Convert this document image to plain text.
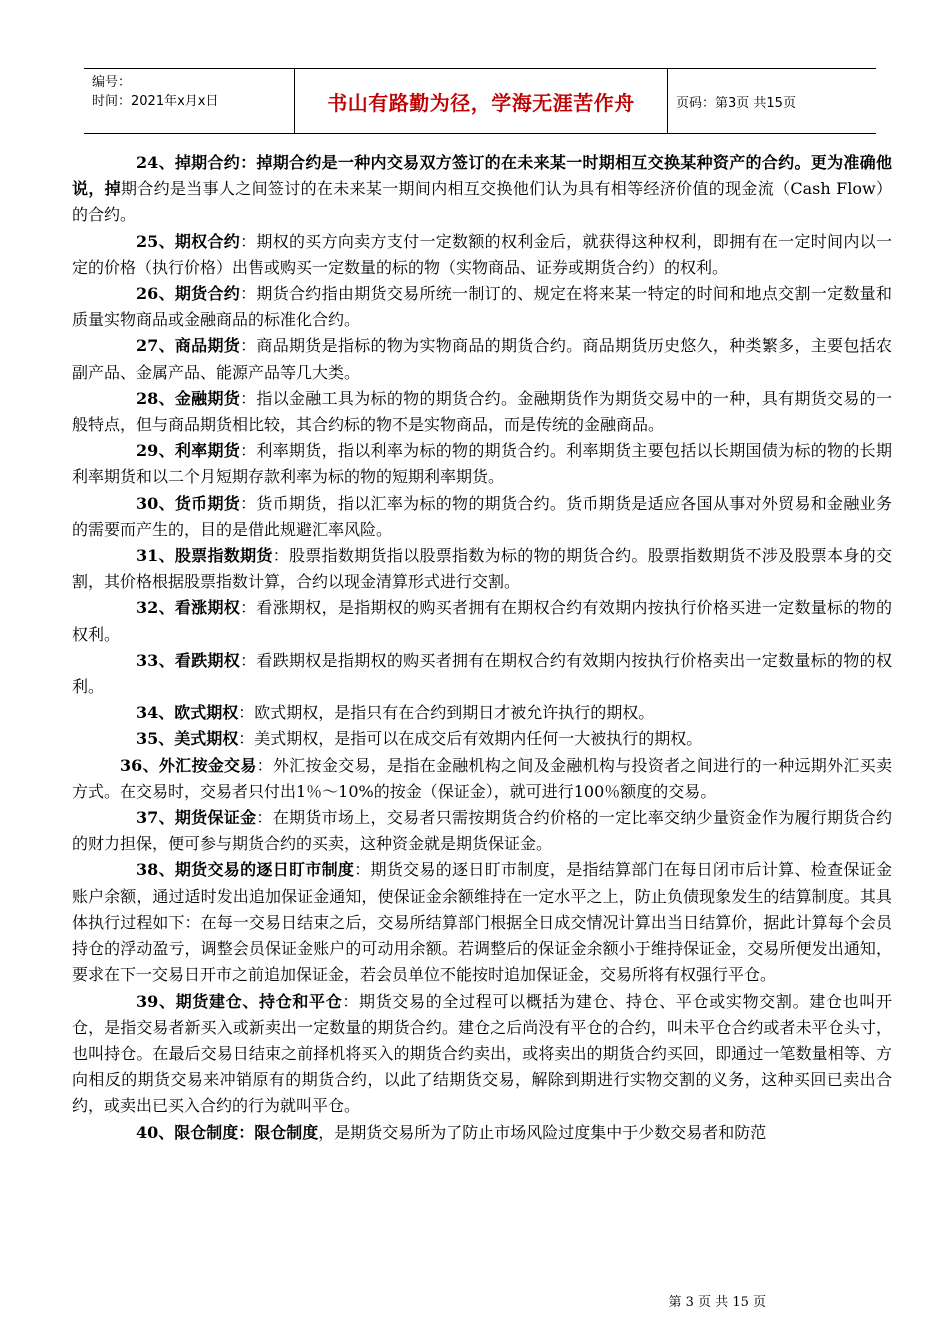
编号：
时间：2021年x月x日	书山有路勤为径，学海无涯苦作舟	页码：第3页 共15页

24、掉期合约：掉期合约是一种内交易双方签订的在未来某一时期相互交换某种资产的合约。更为准确他说，掉期合约是当事人之间签讨的在未来某一期间内相互交换他们认为具有相等经济价值的现金流（Cash Flow）的合约。

25、期权合约：期权的买方向卖方支付一定数额的权利金后，就获得这种权利，即拥有在一定时间内以一定的价格（执行价格）出售或购买一定数量的标的物（实物商品、证券或期货合约）的权利。

26、期货合约：期货合约指由期货交易所统一制订的、规定在将来某一特定的时间和地点交割一定数量和质量实物商品或金融商品的标准化合约。

27、商品期货：商品期货是指标的物为实物商品的期货合约。商品期货历史悠久，种类繁多，主要包括农副产品、金属产品、能源产品等几大类。

28、金融期货：指以金融工具为标的物的期货合约。金融期货作为期货交易中的一种，具有期货交易的一般特点，但与商品期货相比较，其合约标的物不是实物商品，而是传统的金融商品。

29、利率期货：利率期货，指以利率为标的物的期货合约。利率期货主要包括以长期国债为标的物的长期利率期货和以二个月短期存款利率为标的物的短期利率期货。

30、货币期货：货币期货，指以汇率为标的物的期货合约。货币期货是适应各国从事对外贸易和金融业务的需要而产生的，目的是借此规避汇率风险。

31、股票指数期货：股票指数期货指以股票指数为标的物的期货合约。股票指数期货不涉及股票本身的交割，其价格根据股票指数计算，合约以现金清算形式进行交割。

32、看涨期权：看涨期权，是指期权的购买者拥有在期权合约有效期内按执行价格买进一定数量标的物的权利。

33、看跌期权：看跌期权是指期权的购买者拥有在期权合约有效期内按执行价格卖出一定数量标的物的权利。

34、欧式期权：欧式期权，是指只有在合约到期日才被允许执行的期权。

35、美式期权：美式期权，是指可以在成交后有效期内任何一大被执行的期权。

36、外汇按金交易：外汇按金交易，是指在金融机构之间及金融机构与投资者之间进行的一种远期外汇买卖方式。在交易时，交易者只付出1％～10%的按金（保证金），就可进行100％额度的交易。

37、期货保证金：在期货市场上，交易者只需按期货合约价格的一定比率交纳少量资金作为履行期货合约的财力担保，便可参与期货合约的买卖，这种资金就是期货保证金。

38、期货交易的逐日盯市制度：期货交易的逐日盯市制度，是指结算部门在每日闭市后计算、检查保证金账户余额，通过适时发出追加保证金通知，使保证金余额维持在一定水平之上，防止负债现象发生的结算制度。其具体执行过程如下：在每一交易日结束之后，交易所结算部门根据全日成交情况计算出当日结算价，据此计算每个会员持仓的浮动盈亏，调整会员保证金账户的可动用余额。若调整后的保证金余额小于维持保证金，交易所便发出通知，要求在下一交易日开市之前追加保证金，若会员单位不能按时追加保证金，交易所将有权强行平仓。

39、期货建仓、持仓和平仓：期货交易的全过程可以概括为建仓、持仓、平仓或实物交割。建仓也叫开仓，是指交易者新买入或新卖出一定数量的期货合约。建仓之后尚没有平仓的合约，叫未平仓合约或者未平仓头寸，也叫持仓。在最后交易日结束之前择机将买入的期货合约卖出，或将卖出的期货合约买回，即通过一笔数量相等、方向相反的期货交易来冲销原有的期货合约，以此了结期货交易，解除到期进行实物交割的义务，这种买回已卖出合约，或卖出已买入合约的行为就叫平仓。

40、限仓制度：限仓制度，是期货交易所为了防止市场风险过度集中于少数交易者和防范

第 3 页 共 15 页
